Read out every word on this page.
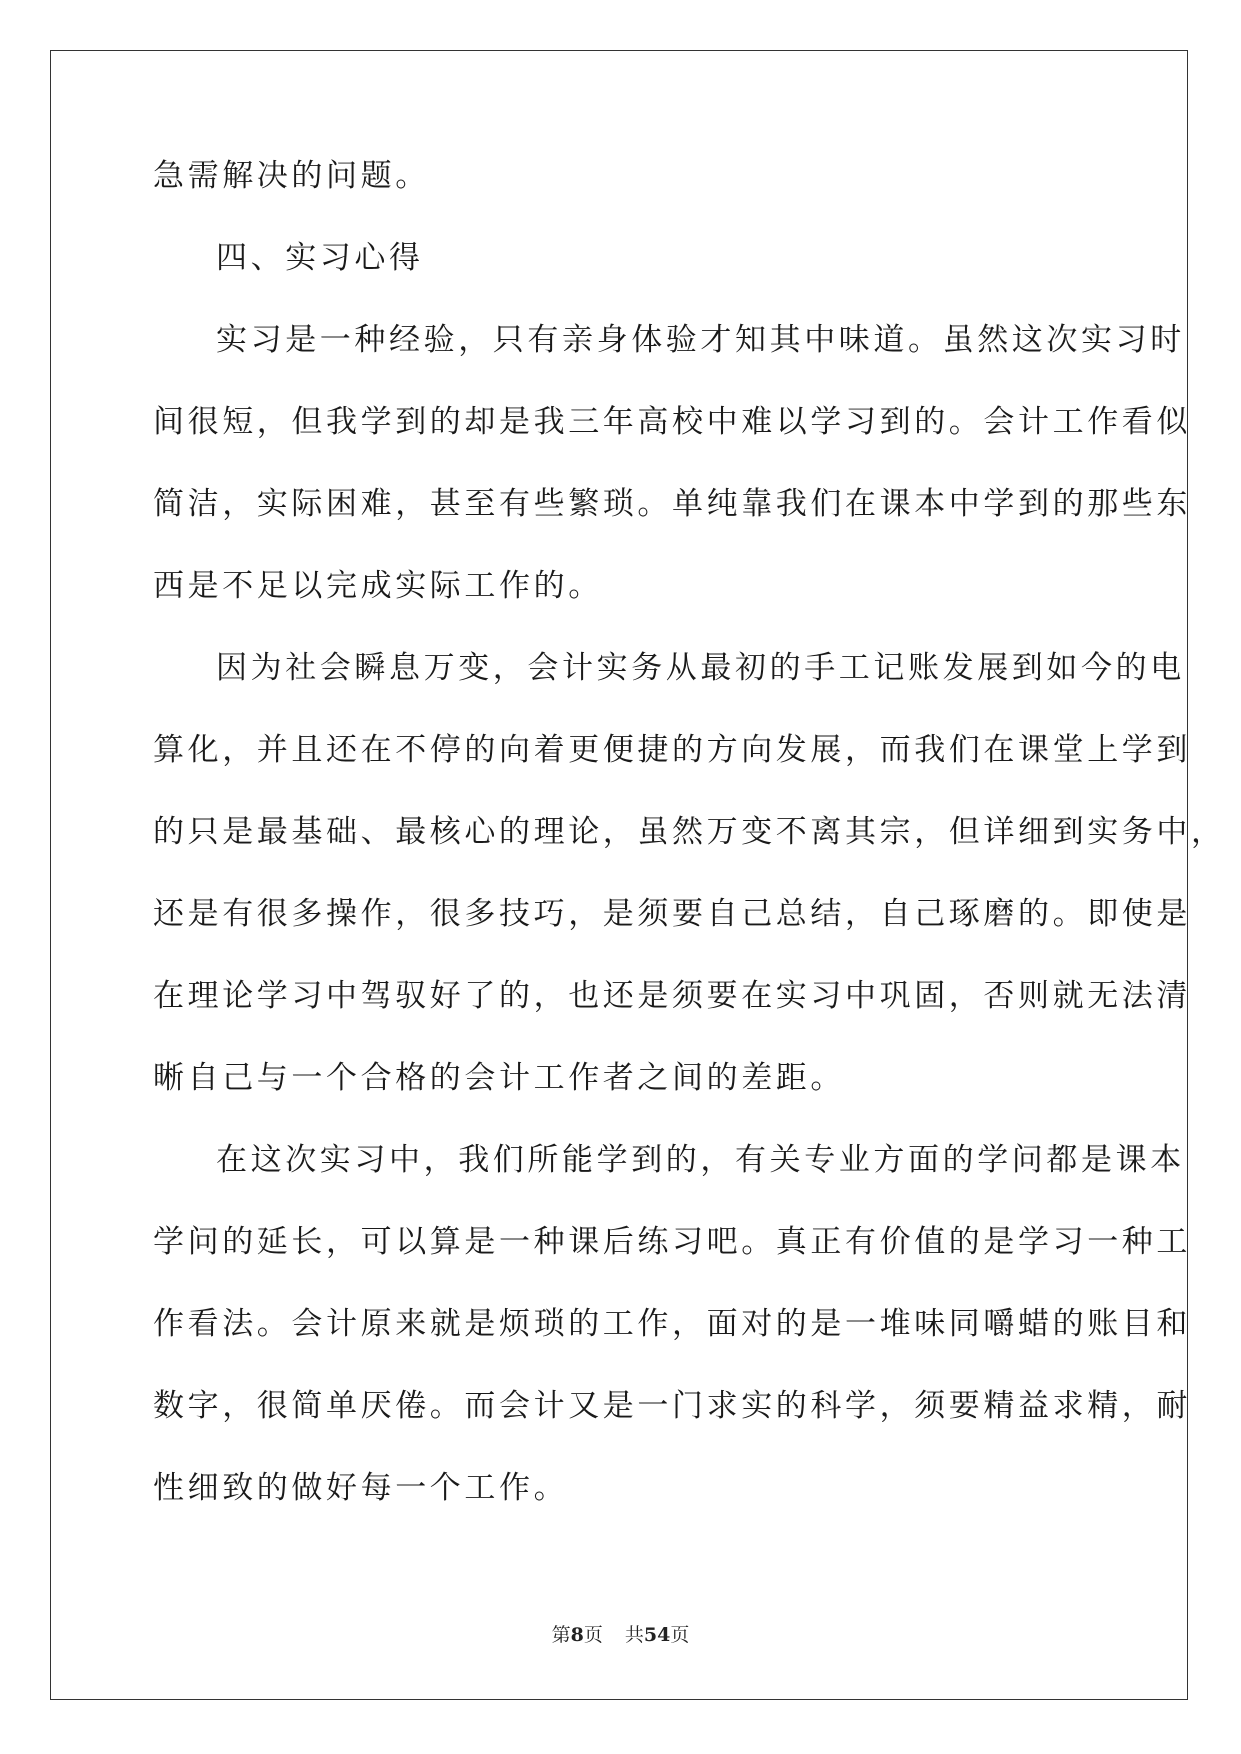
急需解决的问题。
四、实习心得
实习是一种经验，只有亲身体验才知其中味道。虽然这次实习时
间很短，但我学到的却是我三年高校中难以学习到的。会计工作看似
简洁，实际困难，甚至有些繁琐。单纯靠我们在课本中学到的那些东
西是不足以完成实际工作的。
因为社会瞬息万变，会计实务从最初的手工记账发展到如今的电
算化，并且还在不停的向着更便捷的方向发展，而我们在课堂上学到
的只是最基础、最核心的理论，虽然万变不离其宗，但详细到实务中，
还是有很多操作，很多技巧，是须要自己总结，自己琢磨的。即使是
在理论学习中驾驭好了的，也还是须要在实习中巩固，否则就无法清
晰自己与一个合格的会计工作者之间的差距。
在这次实习中，我们所能学到的，有关专业方面的学问都是课本
学问的延长，可以算是一种课后练习吧。真正有价值的是学习一种工
作看法。会计原来就是烦琐的工作，面对的是一堆味同嚼蜡的账目和
数字，很简单厌倦。而会计又是一门求实的科学，须要精益求精，耐
性细致的做好每一个工作。
第8页 共54页
